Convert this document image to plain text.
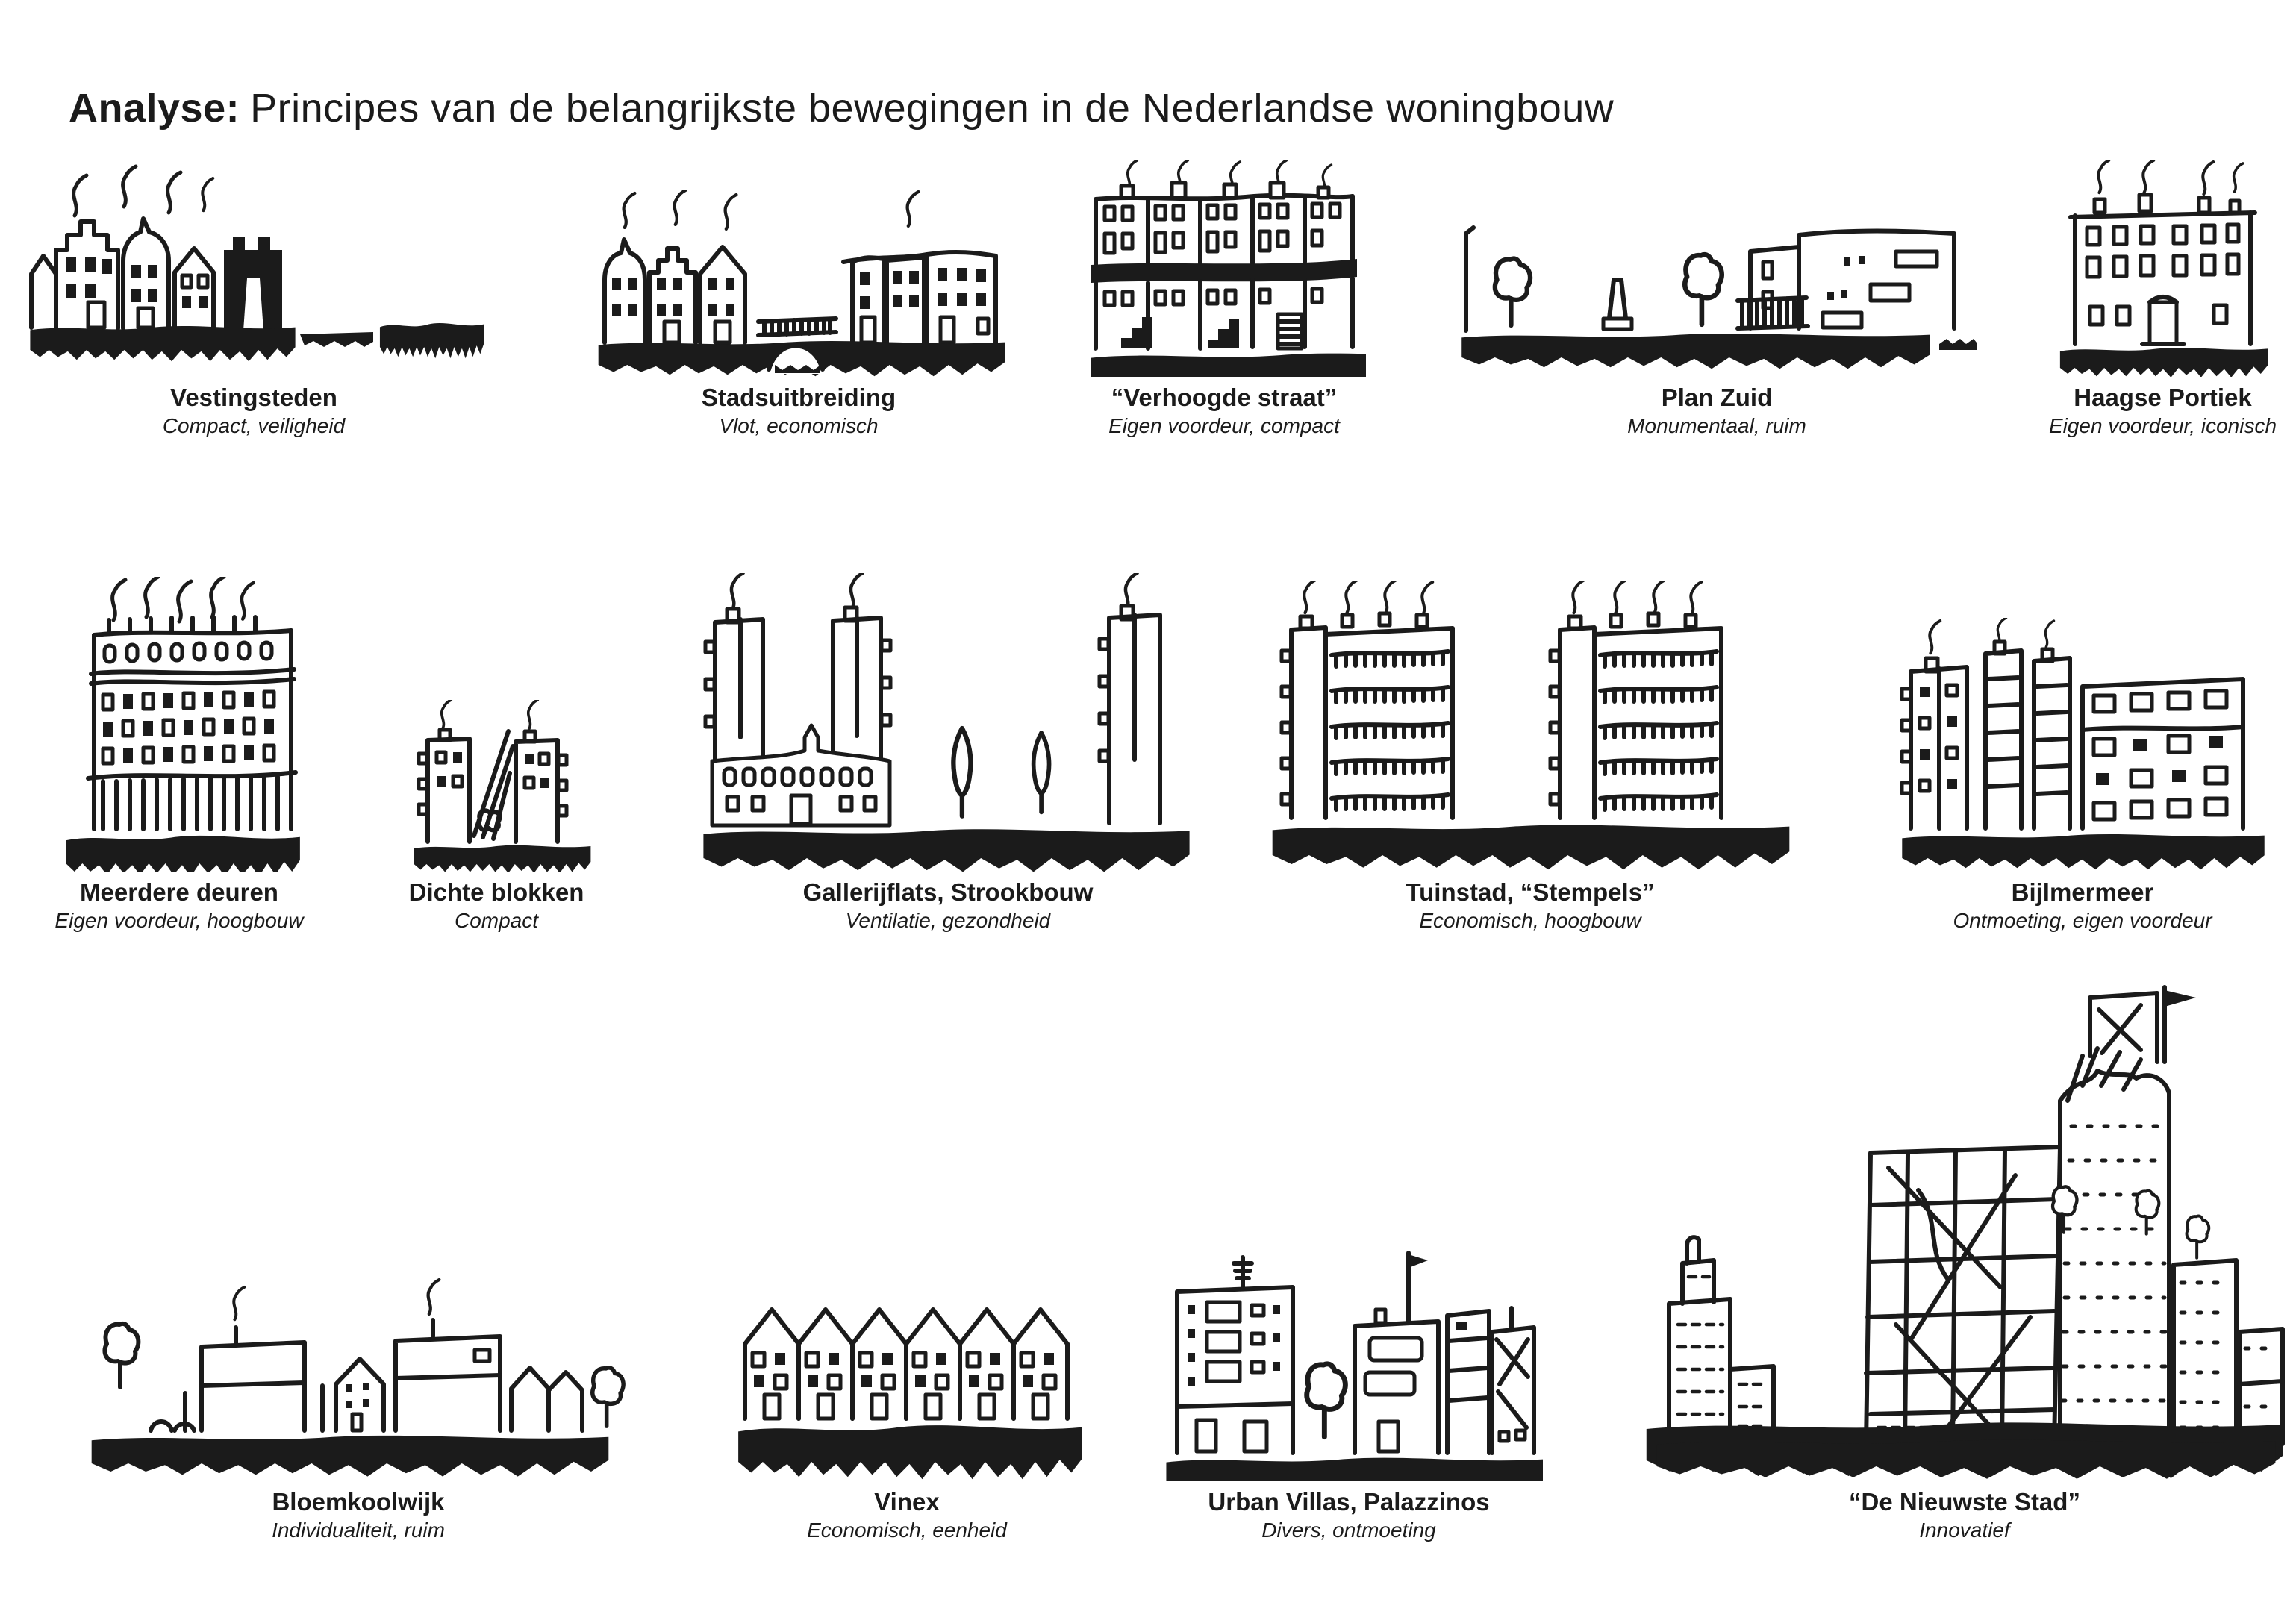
Analyse: Principes van de belangrijkste bewegingen in de Nederlandse woningbouw
Vestingsteden
Compact, veiligheid
Stadsuitbreiding
Vlot, economisch
“Verhoogde straat”
Eigen voordeur, compact
Plan Zuid
Monumentaal, ruim
Haagse Portiek
Eigen voordeur, iconisch
Meerdere deuren
Eigen voordeur, hoogbouw
Dichte blokken
Compact
Gallerijflats, Strookbouw
Ventilatie, gezondheid
Tuinstad, “Stempels”
Economisch, hoogbouw
Bijlmermeer
Ontmoeting, eigen voordeur
Bloemkoolwijk
Individualiteit, ruim
Vinex
Economisch, eenheid
Urban Villas, Palazzinos
Divers, ontmoeting
“De Nieuwste Stad”
Innovatief
